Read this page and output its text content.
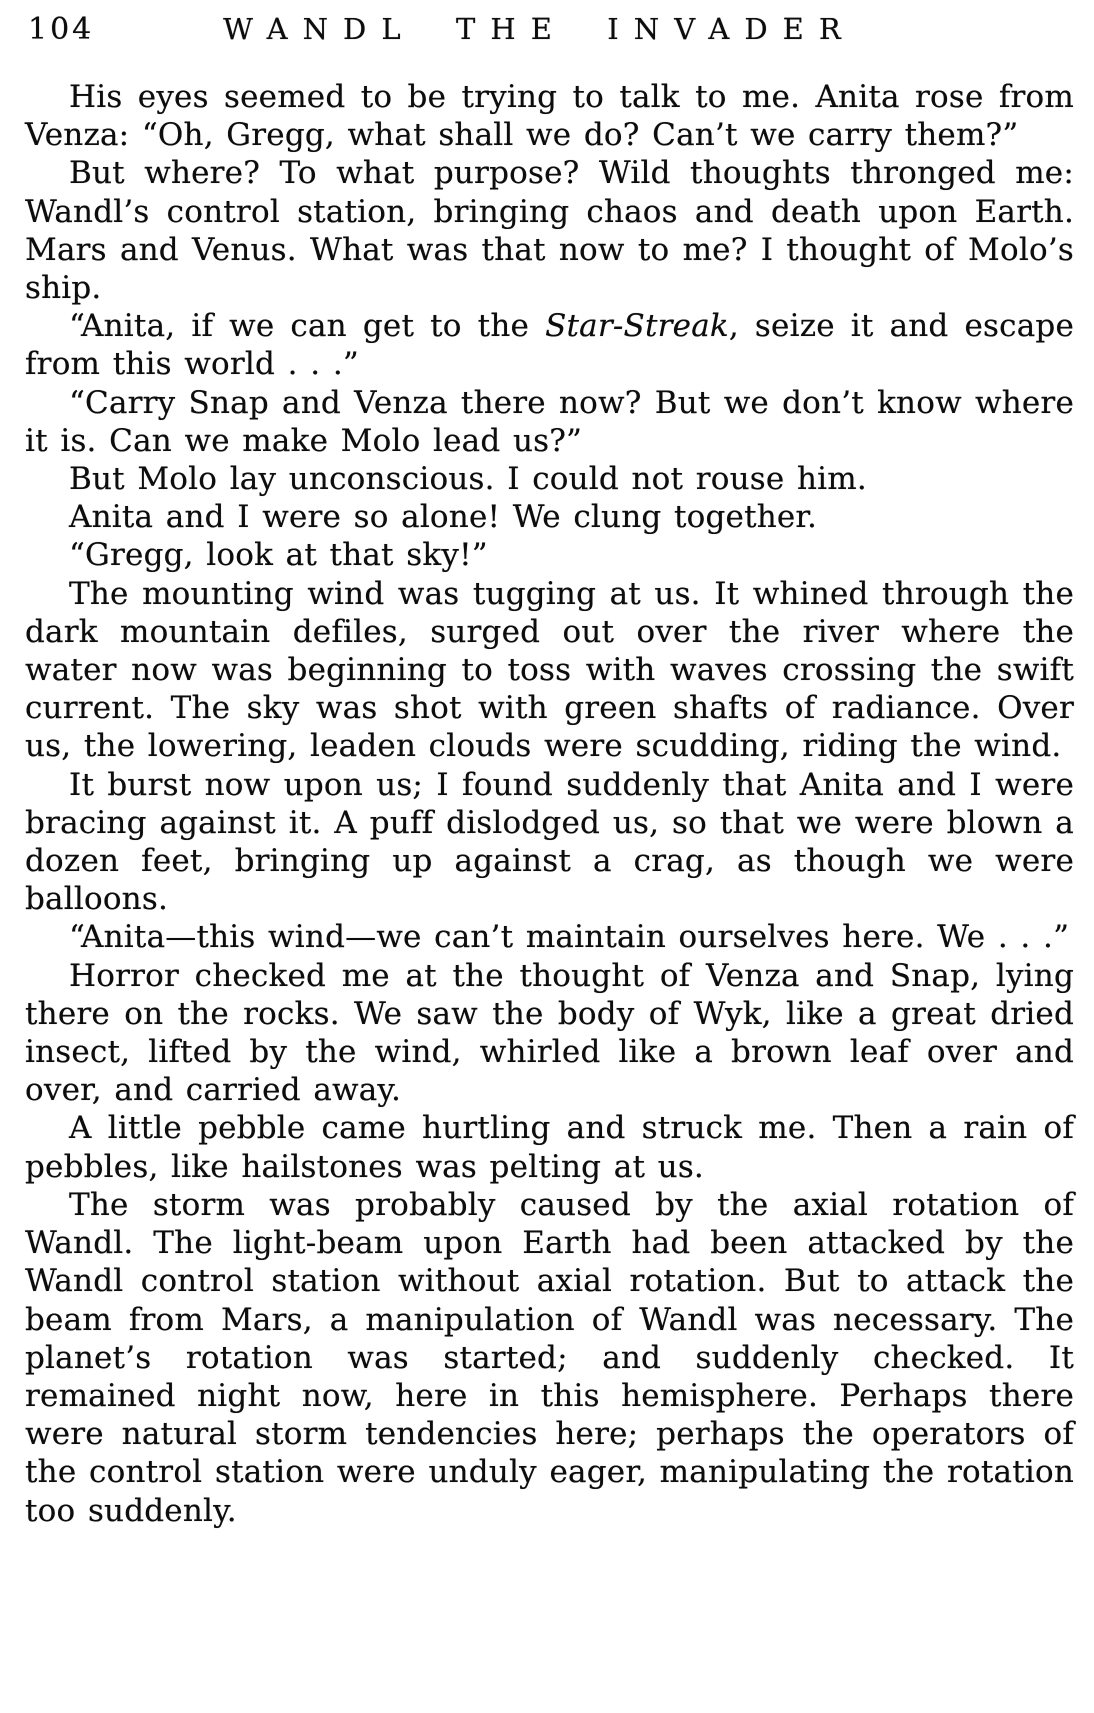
104	WANDL THE INVADER

His eyes seemed to be trying to talk to me. Anita rose from Venza: “Oh, Gregg, what shall we do? Can’t we carry them?”

But where? To what purpose? Wild thoughts thronged me: Wandl’s control station, bringing chaos and death upon Earth. Mars and Venus. What was that now to me? I thought of Molo’s ship.

“Anita, if we can get to the Star-Streak, seize it and escape from this world . . .”

“Carry Snap and Venza there now? But we don’t know where it is. Can we make Molo lead us?”

But Molo lay unconscious. I could not rouse him.

Anita and I were so alone! We clung together.

“Gregg, look at that sky!”

The mounting wind was tugging at us. It whined through the dark mountain defiles, surged out over the river where the water now was beginning to toss with waves crossing the swift current. The sky was shot with green shafts of radiance. Over us, the lowering, leaden clouds were scudding, riding the wind.

It burst now upon us; I found suddenly that Anita and I were bracing against it. A puff dislodged us, so that we were blown a dozen feet, bringing up against a crag, as though we were balloons.

“Anita—this wind—we can’t maintain ourselves here. We . . .”

Horror checked me at the thought of Venza and Snap, lying there on the rocks. We saw the body of Wyk, like a great dried insect, lifted by the wind, whirled like a brown leaf over and over, and carried away.

A little pebble came hurtling and struck me. Then a rain of pebbles, like hailstones was pelting at us.

The storm was probably caused by the axial rotation of Wandl. The light-beam upon Earth had been attacked by the Wandl control station without axial rotation. But to attack the beam from Mars, a manipulation of Wandl was necessary. The planet’s rotation was started; and suddenly checked. It remained night now, here in this hemisphere. Perhaps there were natural storm tendencies here; perhaps the operators of the control station were unduly eager, manipulating the rotation too suddenly.
